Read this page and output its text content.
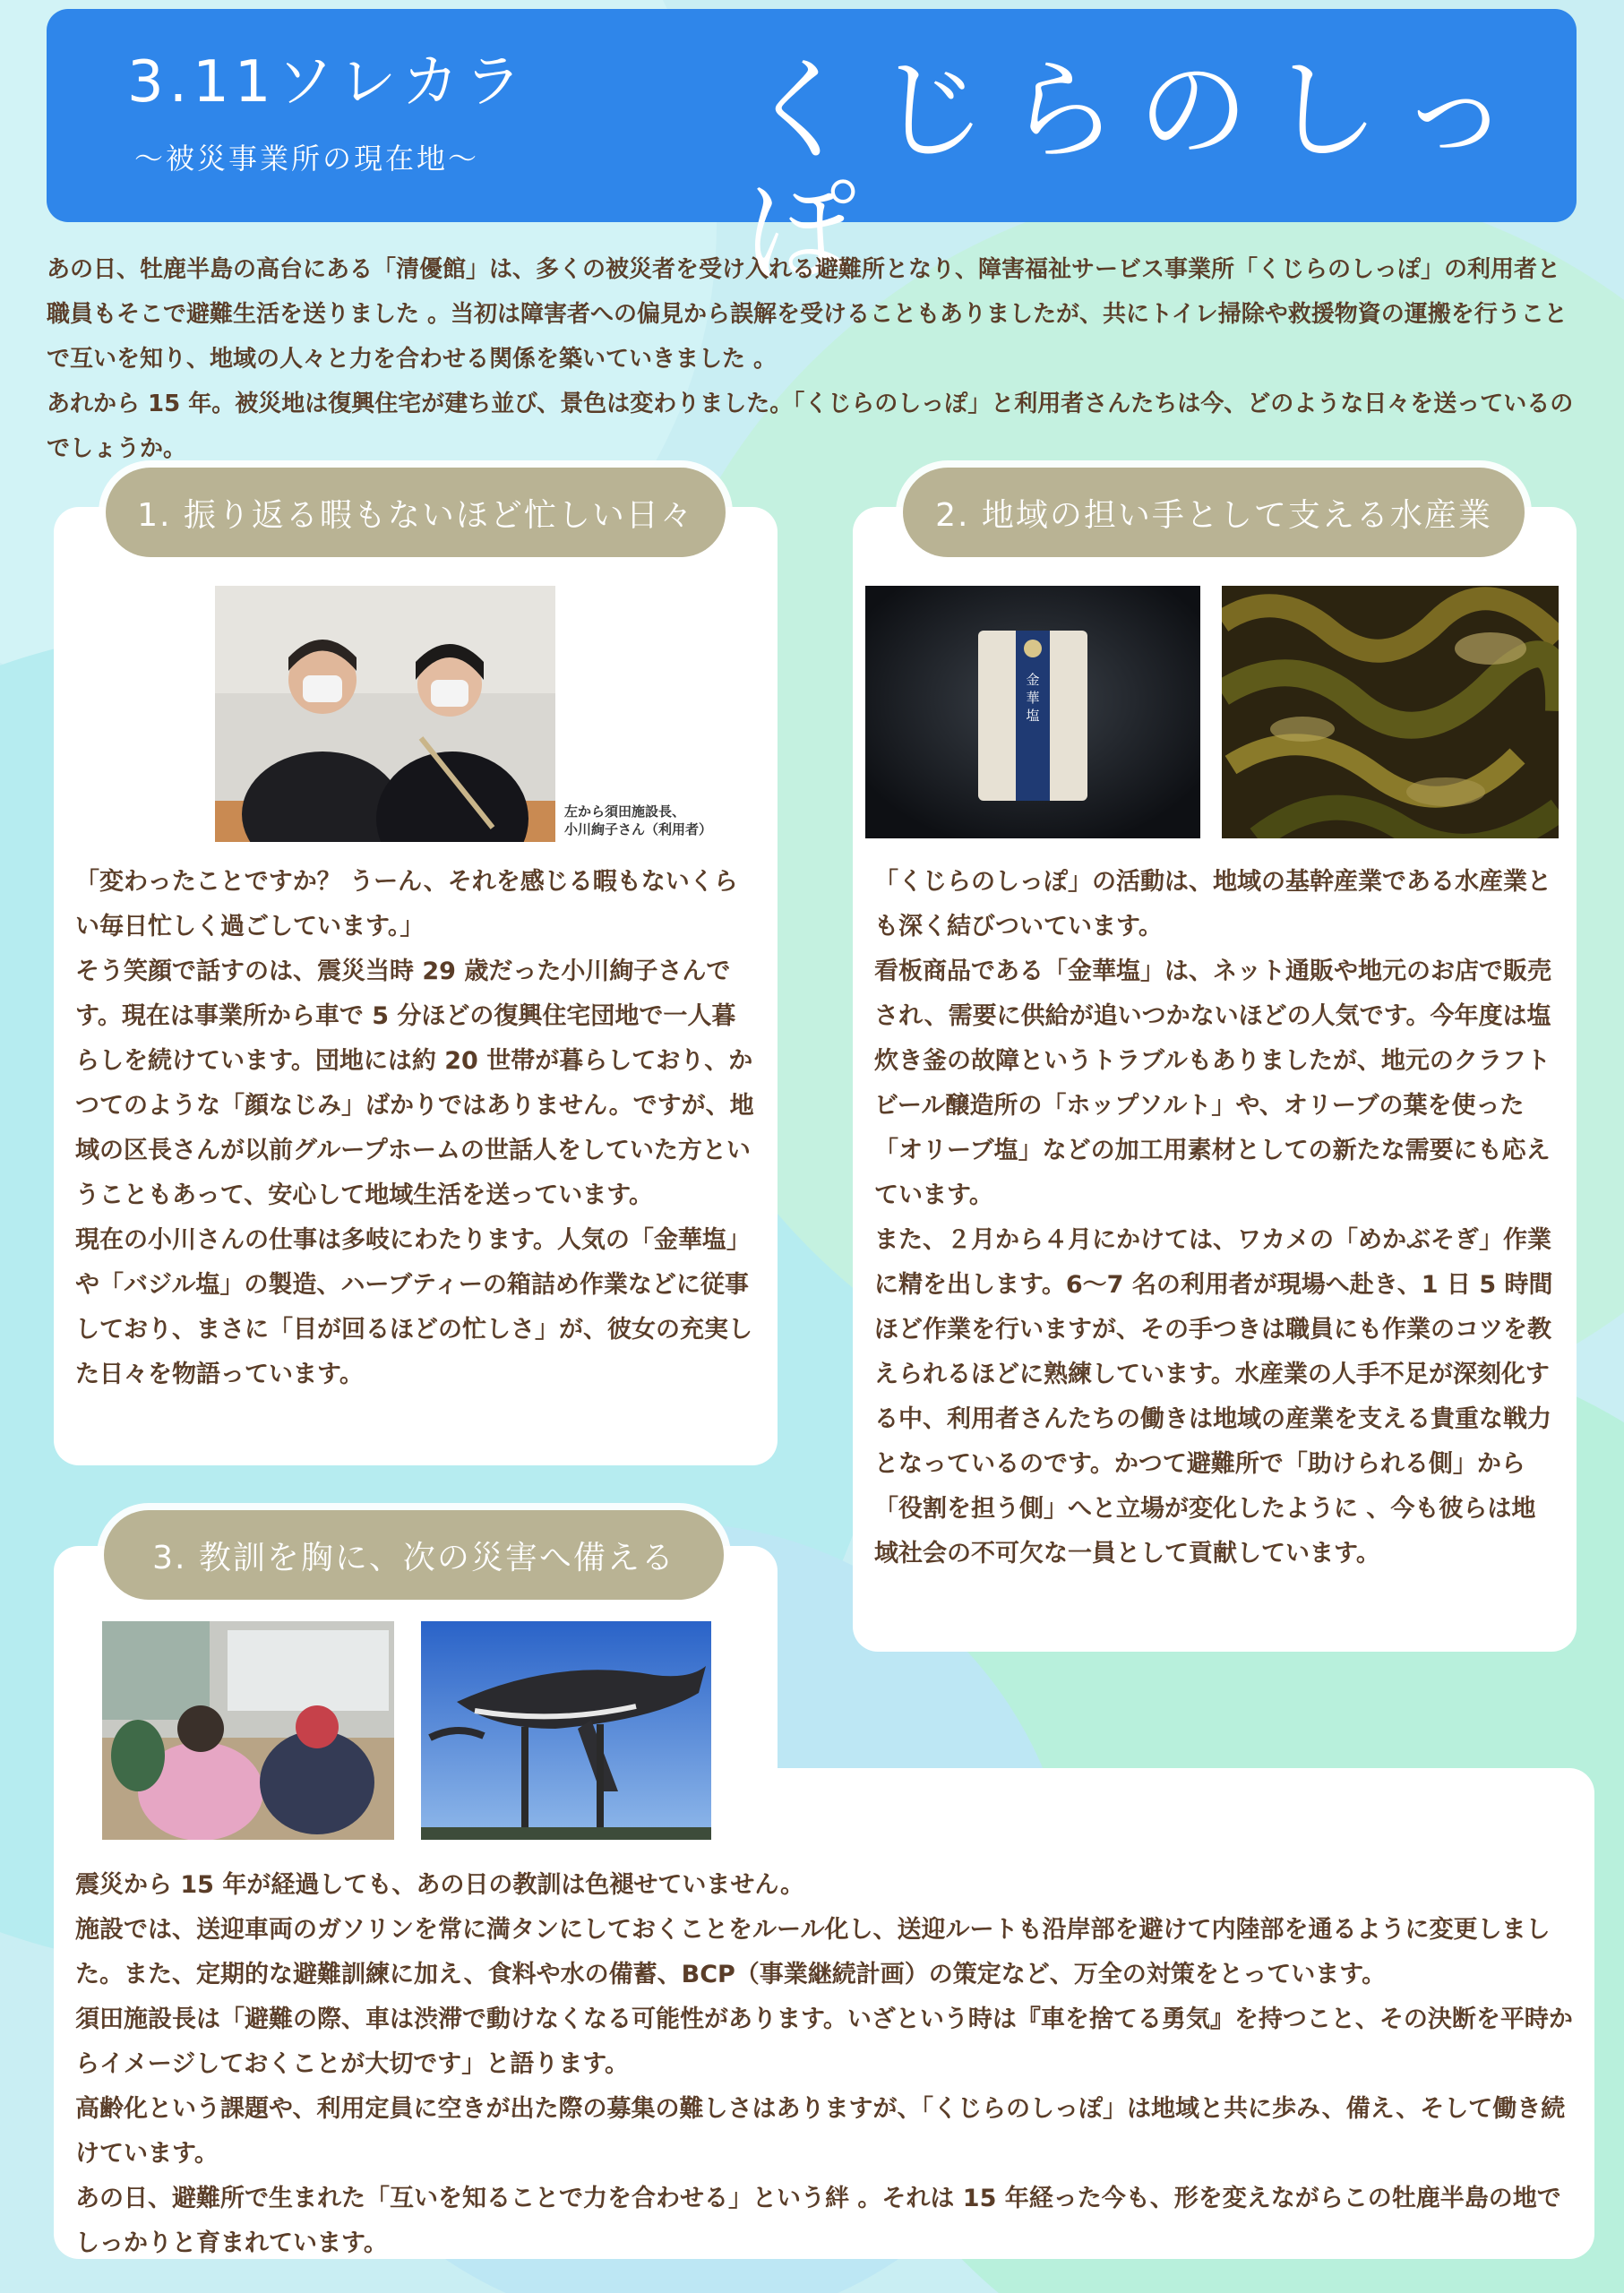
3.11ソレカラ
〜被災事業所の現在地〜 くじらのしっぽ

あの日、牡鹿半島の高台にある「清優館」は、多くの被災者を受け入れる避難所となり、障害福祉サービス事業所「くじらのしっぽ」の利用者と職員もそこで避難生活を送りました 。当初は障害者への偏見から誤解を受けることもありましたが、共にトイレ掃除や救援物資の運搬を行うことで互いを知り、地域の人々と力を合わせる関係を築いていきました 。

あれから 15 年。被災地は復興住宅が建ち並び、景色は変わりました。「くじらのしっぽ」と利用者さんたちは今、どのような日々を送っているのでしょうか。

1. 振り返る暇もないほど忙しい日々	2. 地域の担い手として支える水産業
3. 教訓を胸に、次の災害へ備える
左から須田施設長、
小川絢子さん（利用者）
金
華
塩

「変わったことですか？ うーん、それを感じる暇もないくらい毎日忙しく過ごしています。」

そう笑顔で話すのは、震災当時 29 歳だった小川絢子さんです。現在は事業所から車で 5 分ほどの復興住宅団地で一人暮らしを続けています。団地には約 20 世帯が暮らしており、かつてのような「顔なじみ」ばかりではありません。ですが、地域の区長さんが以前グループホームの世話人をしていた方ということもあって、安心して地域生活を送っています。

現在の小川さんの仕事は多岐にわたります。人気の「金華塩」や「バジル塩」の製造、ハーブティーの箱詰め作業などに従事しており、まさに「目が回るほどの忙しさ」が、彼女の充実した日々を物語っています。

「くじらのしっぽ」の活動は、地域の基幹産業である水産業とも深く結びついています。

看板商品である「金華塩」は、ネット通販や地元のお店で販売され、需要に供給が追いつかないほどの人気です。今年度は塩炊き釜の故障というトラブルもありましたが、地元のクラフトビール醸造所の「ホップソルト」や、オリーブの葉を使った「オリーブ塩」などの加工用素材としての新たな需要にも応えています。

また、２月から４月にかけては、ワカメの「めかぶそぎ」作業に精を出します。6〜7 名の利用者が現場へ赴き、1 日 5 時間ほど作業を行いますが、その手つきは職員にも作業のコツを教えられるほどに熟練しています。水産業の人手不足が深刻化する中、利用者さんたちの働きは地域の産業を支える貴重な戦力となっているのです。かつて避難所で「助けられる側」から「役割を担う側」へと立場が変化したように 、今も彼らは地域社会の不可欠な一員として貢献しています。

震災から 15 年が経過しても、あの日の教訓は色褪せていません。

施設では、送迎車両のガソリンを常に満タンにしておくことをルール化し、送迎ルートも沿岸部を避けて内陸部を通るように変更しました。また、定期的な避難訓練に加え、食料や水の備蓄、BCP（事業継続計画）の策定など、万全の対策をとっています。

須田施設長は「避難の際、車は渋滞で動けなくなる可能性があります。いざという時は『車を捨てる勇気』を持つこと、その決断を平時からイメージしておくことが大切です」と語ります。

高齢化という課題や、利用定員に空きが出た際の募集の難しさはありますが、「くじらのしっぽ」は地域と共に歩み、備え、そして働き続けています。

あの日、避難所で生まれた「互いを知ることで力を合わせる」という絆 。それは 15 年経った今も、形を変えながらこの牡鹿半島の地でしっかりと育まれています。
